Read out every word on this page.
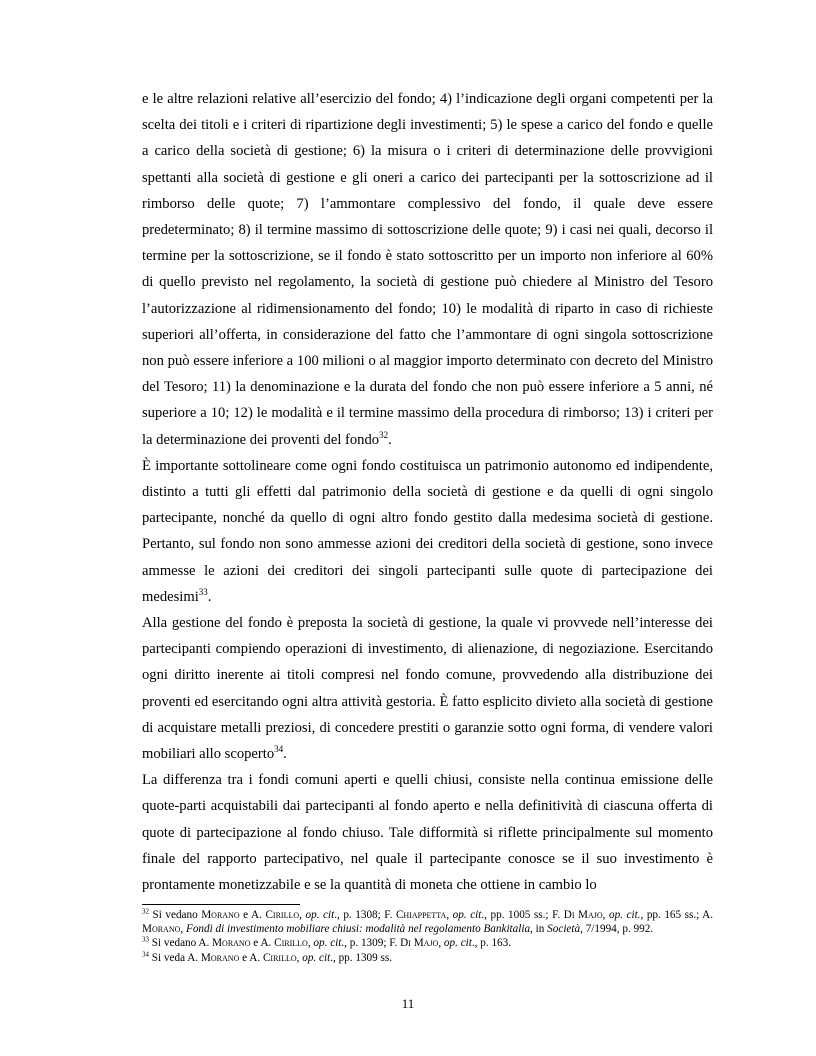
e le altre relazioni relative all’esercizio del fondo; 4) l’indicazione degli organi competenti per la scelta dei titoli e i criteri di ripartizione degli investimenti; 5) le spese a carico del fondo e quelle a carico della società di gestione; 6) la misura o i criteri di determinazione delle provvigioni spettanti alla società di gestione e gli oneri a carico dei partecipanti per la sottoscrizione ad il rimborso delle quote; 7) l’ammontare complessivo del fondo, il quale deve essere predeterminato; 8) il termine massimo di sottoscrizione delle quote; 9) i casi nei quali, decorso il termine per la sottoscrizione, se il fondo è stato sottoscritto per un importo non inferiore al 60% di quello previsto nel regolamento, la società di gestione può chiedere al Ministro del Tesoro l’autorizzazione al ridimensionamento del fondo; 10) le modalità di riparto in caso di richieste superiori all’offerta, in considerazione del fatto che l’ammontare di ogni singola sottoscrizione non può essere inferiore a 100 milioni o al maggior importo determinato con decreto del Ministro del Tesoro; 11) la denominazione e la durata del fondo che non può essere inferiore a 5 anni, né superiore a 10; 12) le modalità e il termine massimo della procedura di rimborso; 13) i criteri per la determinazione dei proventi del fondo$^{32}$.

È importante sottolineare come ogni fondo costituisca un patrimonio autonomo ed indipendente, distinto a tutti gli effetti dal patrimonio della società di gestione e da quelli di ogni singolo partecipante, nonché da quello di ogni altro fondo gestito dalla medesima società di gestione. Pertanto, sul fondo non sono ammesse azioni dei creditori della società di gestione, sono invece ammesse le azioni dei creditori dei singoli partecipanti sulle quote di partecipazione dei medesimi$^{33}$.

Alla gestione del fondo è preposta la società di gestione, la quale vi provvede nell’interesse dei partecipanti compiendo operazioni di investimento, di alienazione, di negoziazione. Esercitando ogni diritto inerente ai titoli compresi nel fondo comune, provvedendo alla distribuzione dei proventi ed esercitando ogni altra attività gestoria. È fatto esplicito divieto alla società di gestione di acquistare metalli preziosi, di concedere prestiti o garanzie sotto ogni forma, di vendere valori mobiliari allo scoperto$^{34}$.

La differenza tra i fondi comuni aperti e quelli chiusi, consiste nella continua emissione delle quote-parti acquistabili dai partecipanti al fondo aperto e nella definitività di ciascuna offerta di quote di partecipazione al fondo chiuso. Tale difformità si riflette principalmente sul momento finale del rapporto partecipativo, nel quale il partecipante conosce se il suo investimento è prontamente monetizzabile e se la quantità di moneta che ottiene in cambio lo

$^{32}$ Si vedano Morano e A. Cirillo, op. cit., p. 1308; F. Chiappetta, op. cit., pp. 1005 ss.; F. Di Majo, op. cit., pp. 165 ss.; A. Morano, Fondi di investimento mobiliare chiusi: modalità nel regolamento Bankitalia, in Società, 7/1994, p. 992.

$^{33}$ Si vedano A. Morano e A. Cirillo, op. cit., p. 1309; F. Di Majo, op. cit., p. 163.

$^{34}$ Si veda A. Morano e A. Cirillo, op. cit., pp. 1309 ss.

11
